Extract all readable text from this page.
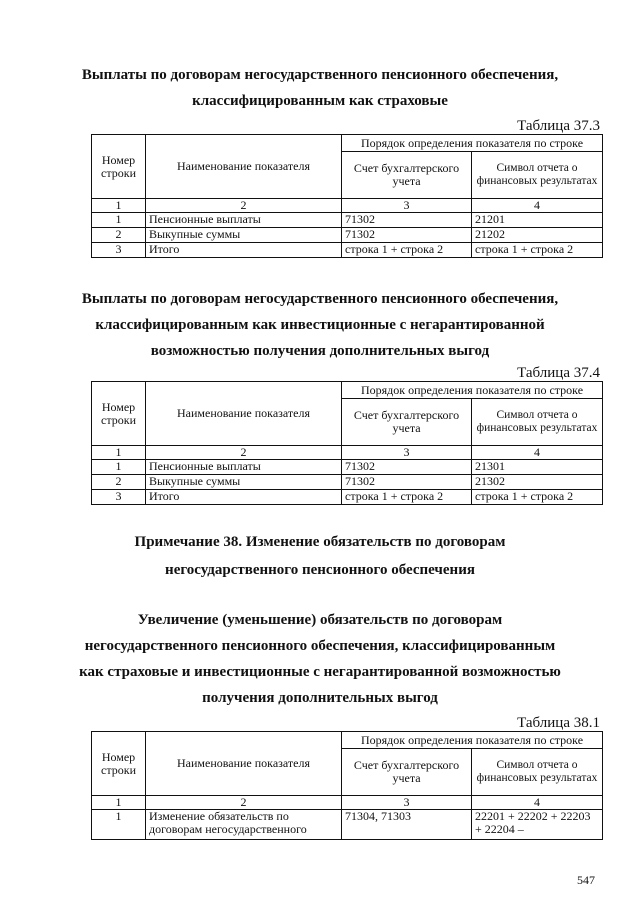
Выплаты по договорам негосударственного пенсионного обеспечения,
классифицированным как страховые
Таблица 37.3
Номер строки	Наименование показателя	Порядок определения показателя по строке	
		Счет бухгалтерского учета	Символ отчета о финансовых результатах
1	2	3	4
1	Пенсионные выплаты	71302	21201
2	Выкупные суммы	71302	21202
3	Итого	строка 1 + строка 2	строка 1 + строка 2
Выплаты по договорам негосударственного пенсионного обеспечения,
классифицированным как инвестиционные с негарантированной
возможностью получения дополнительных выгод
Таблица 37.4
Номер строки	Наименование показателя	Порядок определения показателя по строке	
		Счет бухгалтерского учета	Символ отчета о финансовых результатах
1	2	3	4
1	Пенсионные выплаты	71302	21301
2	Выкупные суммы	71302	21302
3	Итого	строка 1 + строка 2	строка 1 + строка 2
Примечание 38. Изменение обязательств по договорам
негосударственного пенсионного обеспечения
Увеличение (уменьшение) обязательств по договорам
негосударственного пенсионного обеспечения, классифицированным
как страховые и инвестиционные с негарантированной возможностью
получения дополнительных выгод
Таблица 38.1
Номер строки	Наименование показателя	Порядок определения показателя по строке	
		Счет бухгалтерского учета	Символ отчета о финансовых результатах
1	2	3	4
1	Изменение обязательств по договорам негосударственного	71304, 71303	22201 + 22202 + 22203 + 22204 –
547
